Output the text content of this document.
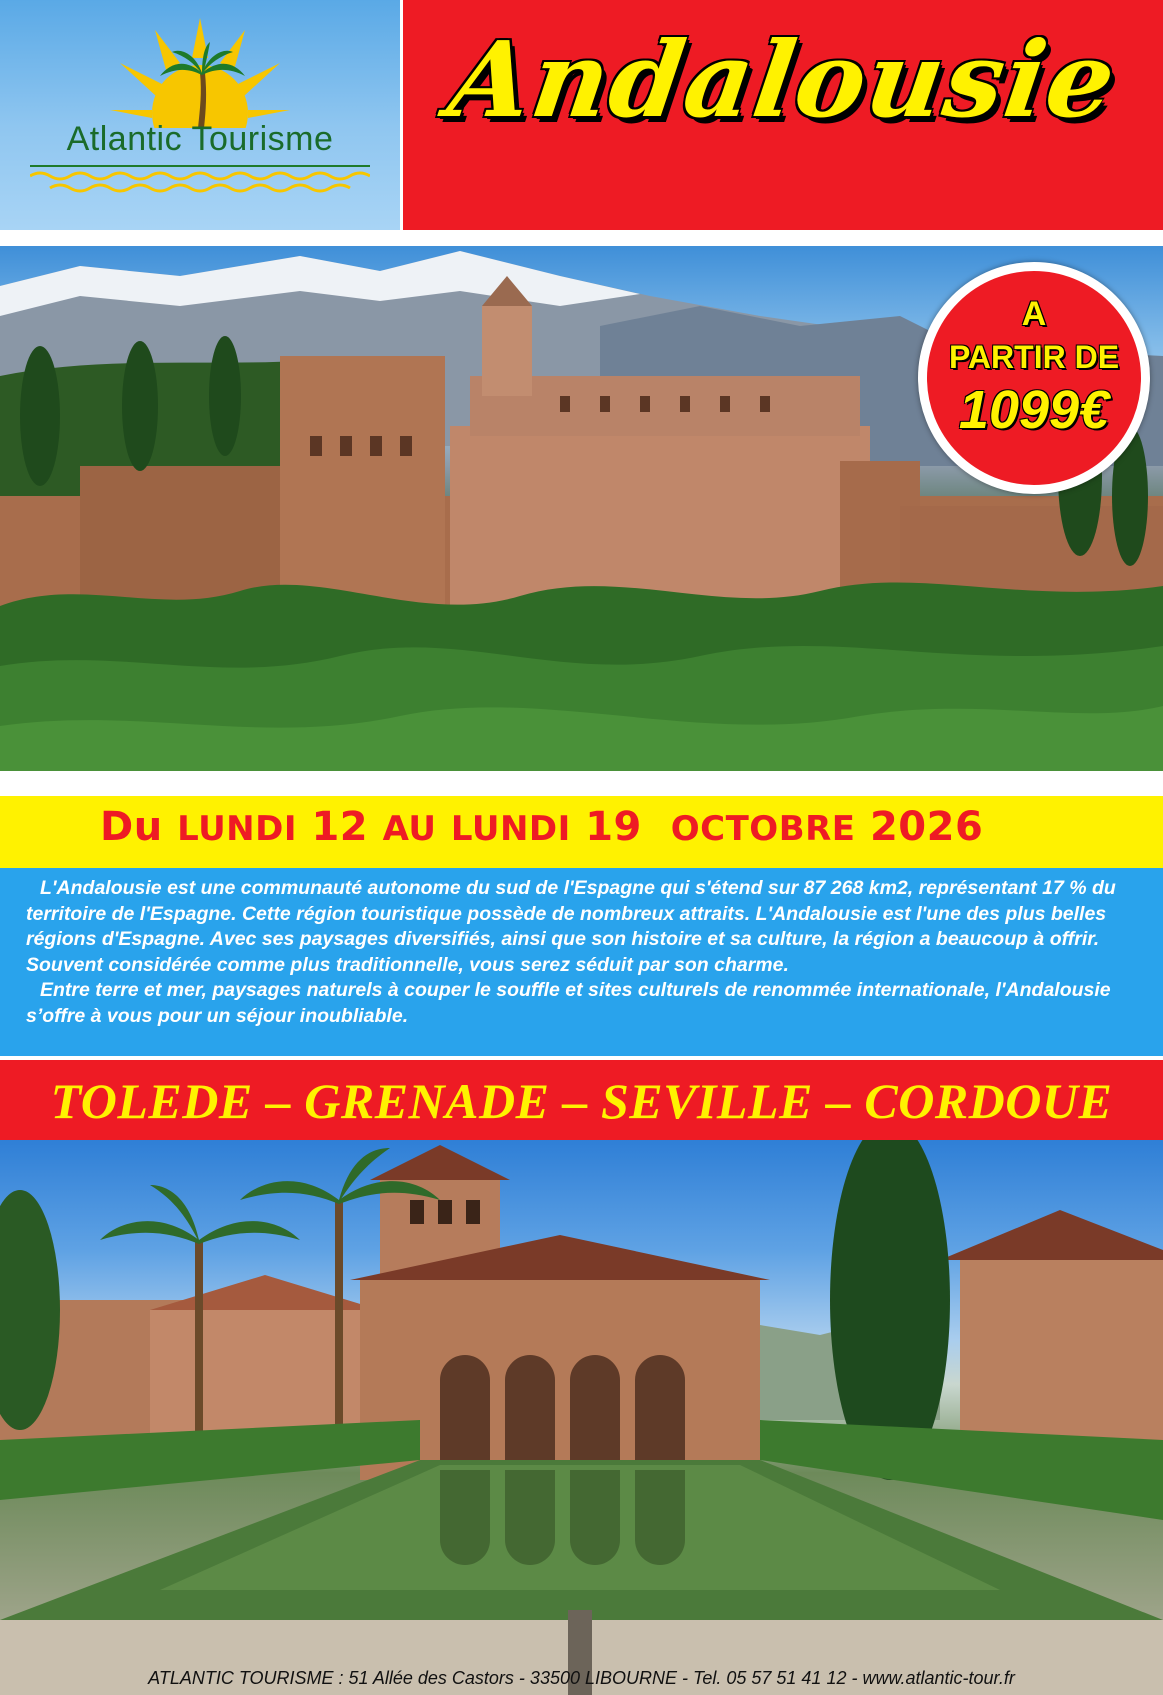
Atlantic Tourisme	Andalousie
A
PARTIR DE
1099€
Du LUNDI 12 AU LUNDI 19 OCTOBRE 2026

L'Andalousie est une communauté autonome du sud de l'Espagne qui s'étend sur 87 268 km2, représentant 17 % du territoire de l'Espagne. Cette région touristique possède de nombreux attraits. L'Andalousie est l'une des plus belles régions d'Espagne. Avec ses paysages diversifiés, ainsi que son histoire et sa culture, la région a beaucoup à offrir. Souvent considérée comme plus traditionnelle, vous serez séduit par son charme.

Entre terre et mer, paysages naturels à couper le souffle et sites culturels de renommée internationale, l'Andalousie s’offre à vous pour un séjour inoubliable.

TOLEDE – GRENADE – SEVILLE – CORDOUE
ATLANTIC TOURISME : 51 Allée des Castors - 33500 LIBOURNE - Tel. 05 57 51 41 12 - www.atlantic-tour.fr
